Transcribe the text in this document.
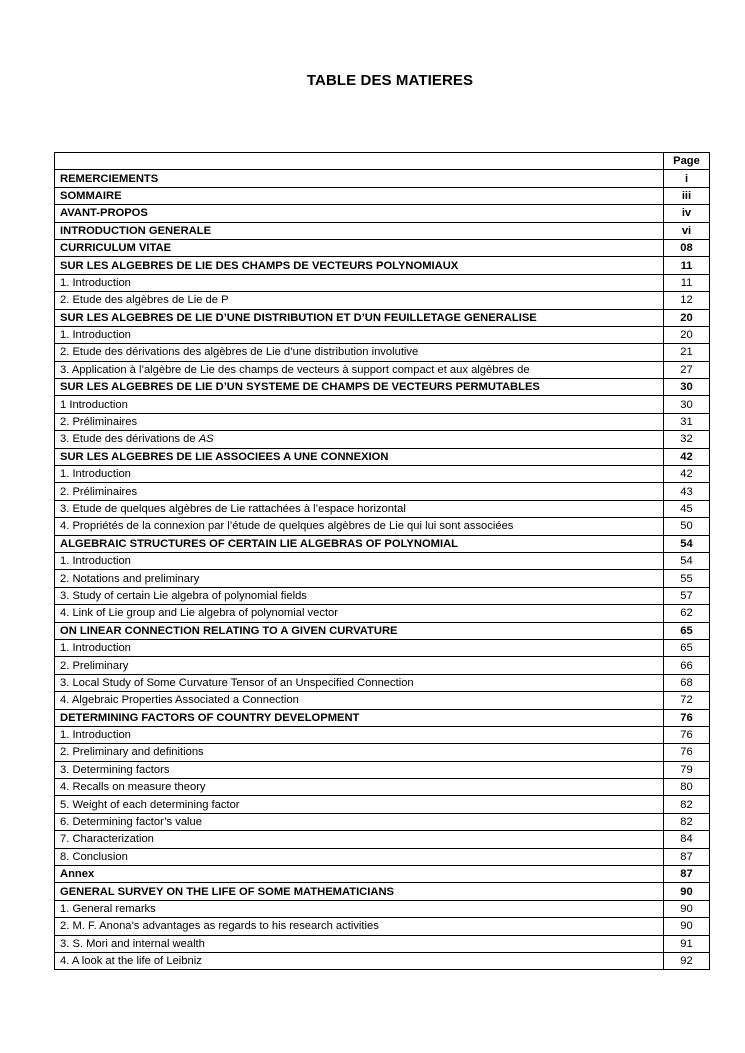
TABLE DES MATIERES
	Page
REMERCIEMENTS	i
SOMMAIRE	iii
AVANT-PROPOS	iv
INTRODUCTION GENERALE	vi
CURRICULUM VITAE	08
SUR LES ALGEBRES DE LIE DES CHAMPS DE VECTEURS POLYNOMIAUX	11
1. Introduction	11
2. Etude des algèbres de Lie de P	12
SUR LES ALGEBRES DE LIE D’UNE DISTRIBUTION ET D’UN FEUILLETAGE GENERALISE	20
1. Introduction	20
2. Etude des dérivations des algèbres de Lie d’une distribution involutive	21
3. Application à l’algèbre de Lie des champs de vecteurs à support compact et aux algèbres de	27
SUR LES ALGEBRES DE LIE D’UN SYSTEME DE CHAMPS DE VECTEURS PERMUTABLES	30
1 Introduction	30
2. Préliminaires	31
3. Etude des dérivations de AS	32
SUR LES ALGEBRES DE LIE ASSOCIEES A UNE CONNEXION	42
1. Introduction	42
2. Préliminaires	43
3. Etude de quelques algèbres de Lie rattachées à l’espace horizontal	45
4. Propriétés de la connexion par l’étude de quelques algèbres de Lie qui lui sont associées	50
ALGEBRAIC STRUCTURES OF CERTAIN LIE ALGEBRAS OF POLYNOMIAL	54
1. Introduction	54
2. Notations and preliminary	55
3. Study of certain Lie algebra of polynomial fields	57
4. Link of Lie group and Lie algebra of polynomial vector	62
ON LINEAR CONNECTION RELATING TO A GIVEN CURVATURE	65
1. Introduction	65
2. Preliminary	66
3. Local Study of Some Curvature Tensor of an Unspecified Connection	68
4. Algebraic Properties Associated a Connection	72
DETERMINING FACTORS OF COUNTRY DEVELOPMENT	76
1. Introduction	76
2. Preliminary and definitions	76
3. Determining factors	79
4. Recalls on measure theory	80
5. Weight of each determining factor	82
6. Determining factor’s value	82
7. Characterization	84
8. Conclusion	87
Annex	87
GENERAL SURVEY ON THE LIFE OF SOME MATHEMATICIANS	90
1. General remarks	90
2. M. F. Anona’s advantages as regards to his research activities	90
3. S. Mori and internal wealth	91
4. A look at the life of Leibniz	92
